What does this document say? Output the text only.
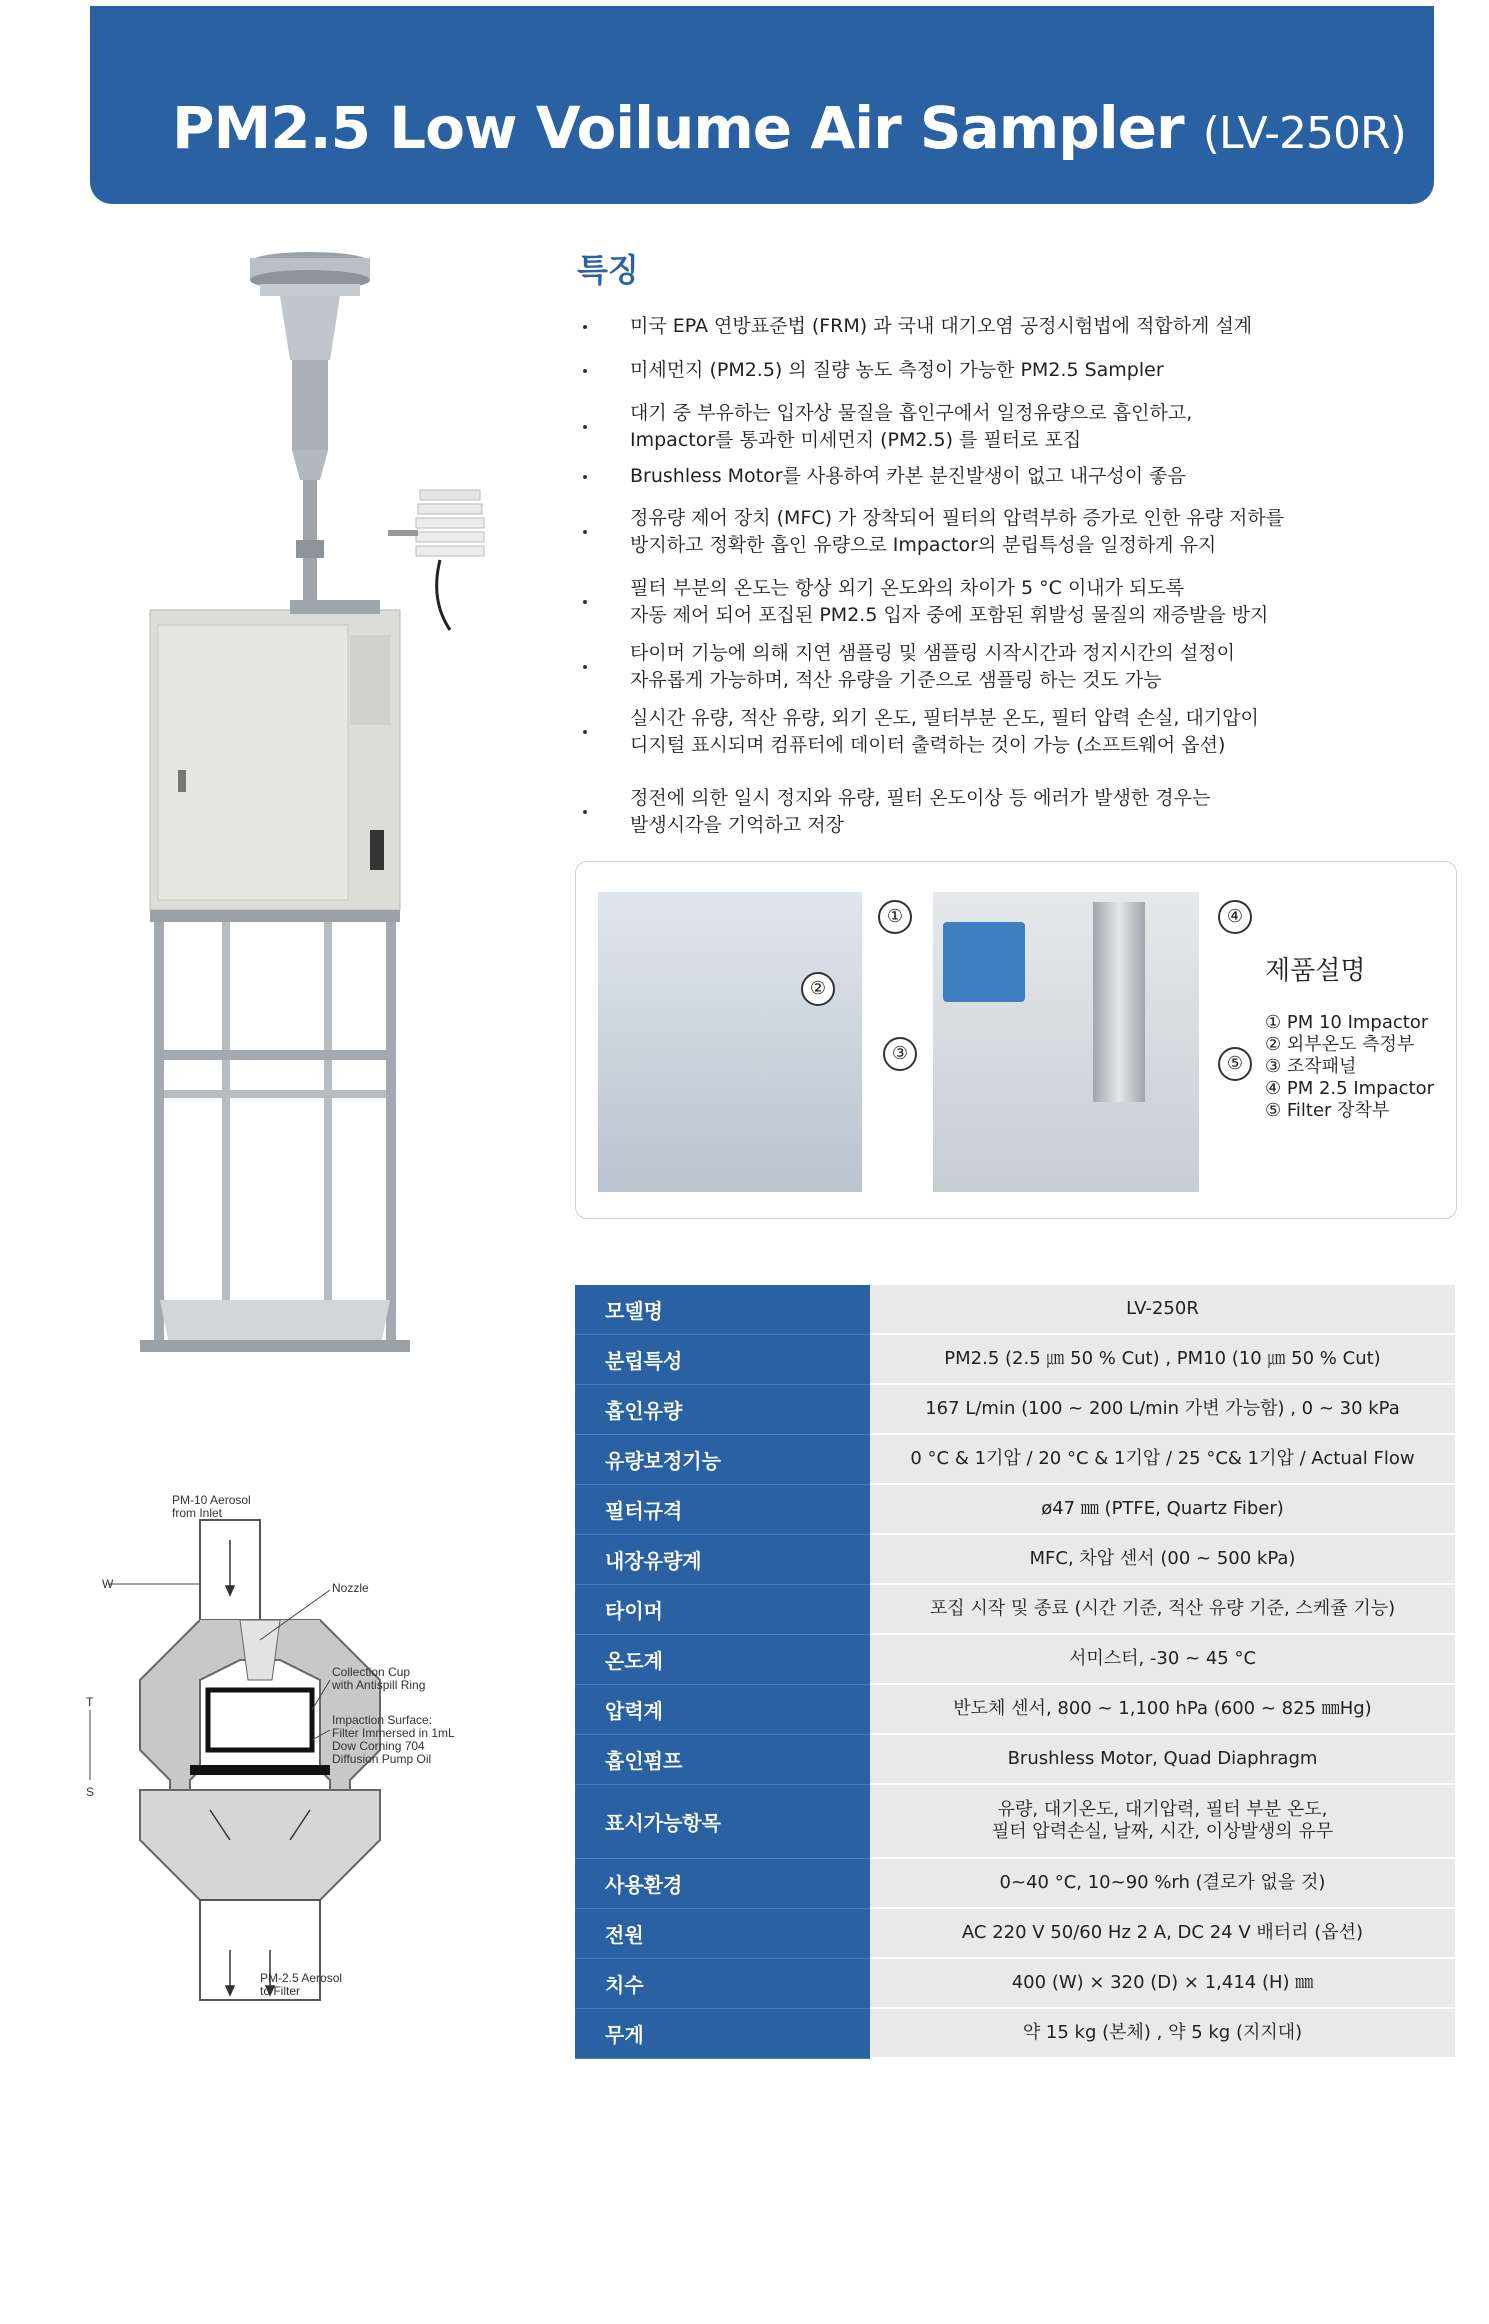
PM2.5 Low Voilume Air Sampler (LV-250R)
PM-10 Aerosol from Inlet
Nozzle
Collection Cup with Antispill Ring
Impaction Surface: Filter Immersed in 1mL Dow Corning 704 Diffusion Pump Oil
W
T
S
PM-2.5 Aerosol
to Filter
특징
미국 EPA 연방표준법 (FRM) 과 국내 대기오염 공정시험법에 적합하게 설계
미세먼지 (PM2.5) 의 질량 농도 측정이 가능한 PM2.5 Sampler
대기 중 부유하는 입자상 물질을 흡인구에서 일정유량으로 흡인하고,
Impactor를 통과한 미세먼지 (PM2.5) 를 필터로 포집
Brushless Motor를 사용하여 카본 분진발생이 없고 내구성이 좋음
정유량 제어 장치 (MFC) 가 장착되어 필터의 압력부하 증가로 인한 유량 저하를
방지하고 정확한 흡인 유량으로 Impactor의 분립특성을 일정하게 유지
필터 부분의 온도는 항상 외기 온도와의 차이가 5 °C 이내가 되도록
자동 제어 되어 포집된 PM2.5 입자 중에 포함된 휘발성 물질의 재증발을 방지
타이머 기능에 의해 지연 샘플링 및 샘플링 시작시간과 정지시간의 설정이
자유롭게 가능하며, 적산 유량을 기준으로 샘플링 하는 것도 가능
실시간 유량, 적산 유량, 외기 온도, 필터부분 온도, 필터 압력 손실, 대기압이
디지털 표시되며 컴퓨터에 데이터 출력하는 것이 가능 (소프트웨어 옵션)
정전에 의한 일시 정지와 유량, 필터 온도이상 등 에러가 발생한 경우는
발생시각을 기억하고 저장
①
②
③
④
⑤
제품설명
① PM 10 Impactor
② 외부온도 측정부
③ 조작패널
④ PM 2.5 Impactor
⑤ Filter 장착부
모델명	LV-250R
분립특성	PM2.5 (2.5 ㎛ 50 % Cut) , PM10 (10 ㎛ 50 % Cut)
흡인유량	167 L/min (100 ~ 200 L/min 가변 가능함) , 0 ~ 30 kPa
유량보정기능	0 °C & 1기압 / 20 °C & 1기압 / 25 °C& 1기압 / Actual Flow
필터규격	ø47 ㎜ (PTFE, Quartz Fiber)
내장유량계	MFC, 차압 센서 (00 ~ 500 kPa)
타이머	포집 시작 및 종료 (시간 기준, 적산 유량 기준, 스케쥴 기능)
온도계	서미스터, -30 ~ 45 °C
압력계	반도체 센서, 800 ~ 1,100 hPa (600 ~ 825 ㎜Hg)
흡인펌프	Brushless Motor, Quad Diaphragm
표시가능항목	유량, 대기온도, 대기압력, 필터 부분 온도,
필터 압력손실, 날짜, 시간, 이상발생의 유무
사용환경	0~40 °C, 10~90 %rh (결로가 없을 것)
전원	AC 220 V 50/60 Hz 2 A, DC 24 V 배터리 (옵션)
치수	400 (W) × 320 (D) × 1,414 (H) ㎜
무게	약 15 kg (본체) , 약 5 kg (지지대)
